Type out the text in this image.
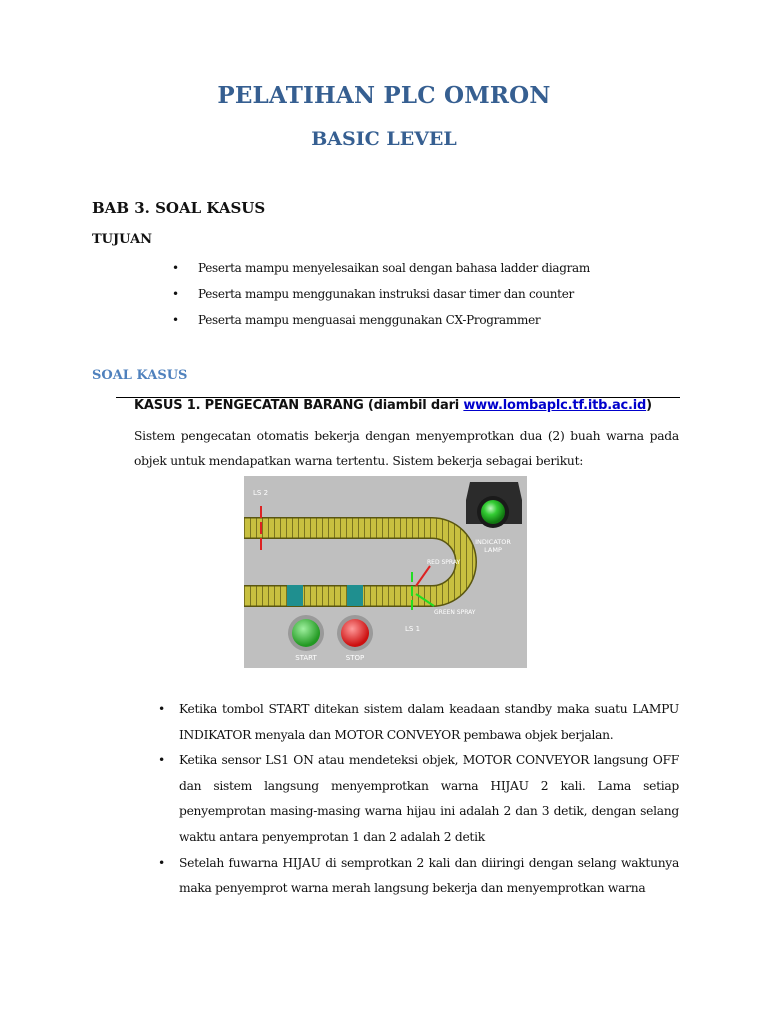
PELATIHAN PLC OMRON
BASIC LEVEL
BAB 3. SOAL KASUS
TUJUAN
• Peserta mampu menyelesaikan soal dengan bahasa ladder diagram
• Peserta mampu menggunakan instruksi dasar timer dan counter
• Peserta mampu menguasai menggunakan CX-Programmer
SOAL KASUS
KASUS 1. PENGECATAN BARANG (diambil dari www.lombaplc.tf.itb.ac.id)

Sistem pengecatan otomatis bekerja dengan menyemprotkan dua (2) buah warna pada objek untuk mendapatkan warna tertentu. Sistem bekerja sebagai berikut:

LS 2
RED SPRAY
GREEN SPRAY
LS 1
INDICATOR
LAMP
START	STOP
• Ketika tombol START ditekan sistem dalam keadaan standby maka suatu LAMPU INDIKATOR menyala dan MOTOR CONVEYOR pembawa objek berjalan.
• Ketika sensor LS1 ON atau mendeteksi objek, MOTOR CONVEYOR langsung OFF dan sistem langsung menyemprotkan warna HIJAU 2 kali. Lama setiap penyemprotan masing-masing warna hijau ini adalah 2 dan 3 detik, dengan selang waktu antara penyemprotan 1 dan 2 adalah 2 detik
• Setelah fuwarna HIJAU di semprotkan 2 kali dan diiringi dengan selang waktunya maka penyemprot warna merah langsung bekerja dan menyemprotkan warna
